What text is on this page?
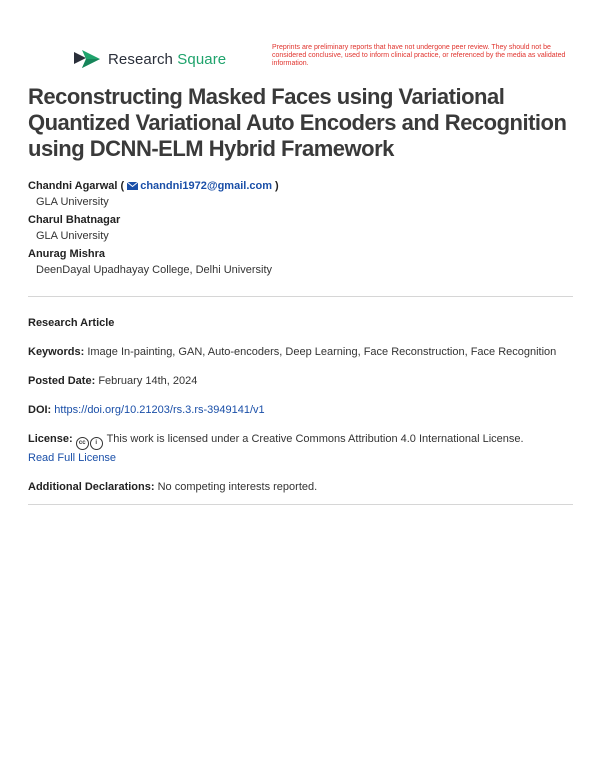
Research Square
Preprints are preliminary reports that have not undergone peer review. They should not be considered conclusive, used to inform clinical practice, or referenced by the media as validated information.
Reconstructing Masked Faces using Variational Quantized Variational Auto Encoders and Recognition using DCNN-ELM Hybrid Framework
Chandni Agarwal ( chandni1972@gmail.com )
GLA University
Charul Bhatnagar
GLA University
Anurag Mishra
DeenDayal Upadhayay College, Delhi University
Research Article
Keywords: Image In-painting, GAN, Auto-encoders, Deep Learning, Face Reconstruction, Face Recognition
Posted Date: February 14th, 2024
DOI: https://doi.org/10.21203/rs.3.rs-3949141/v1
License: cc i This work is licensed under a Creative Commons Attribution 4.0 International License.
Read Full License
Additional Declarations: No competing interests reported.
